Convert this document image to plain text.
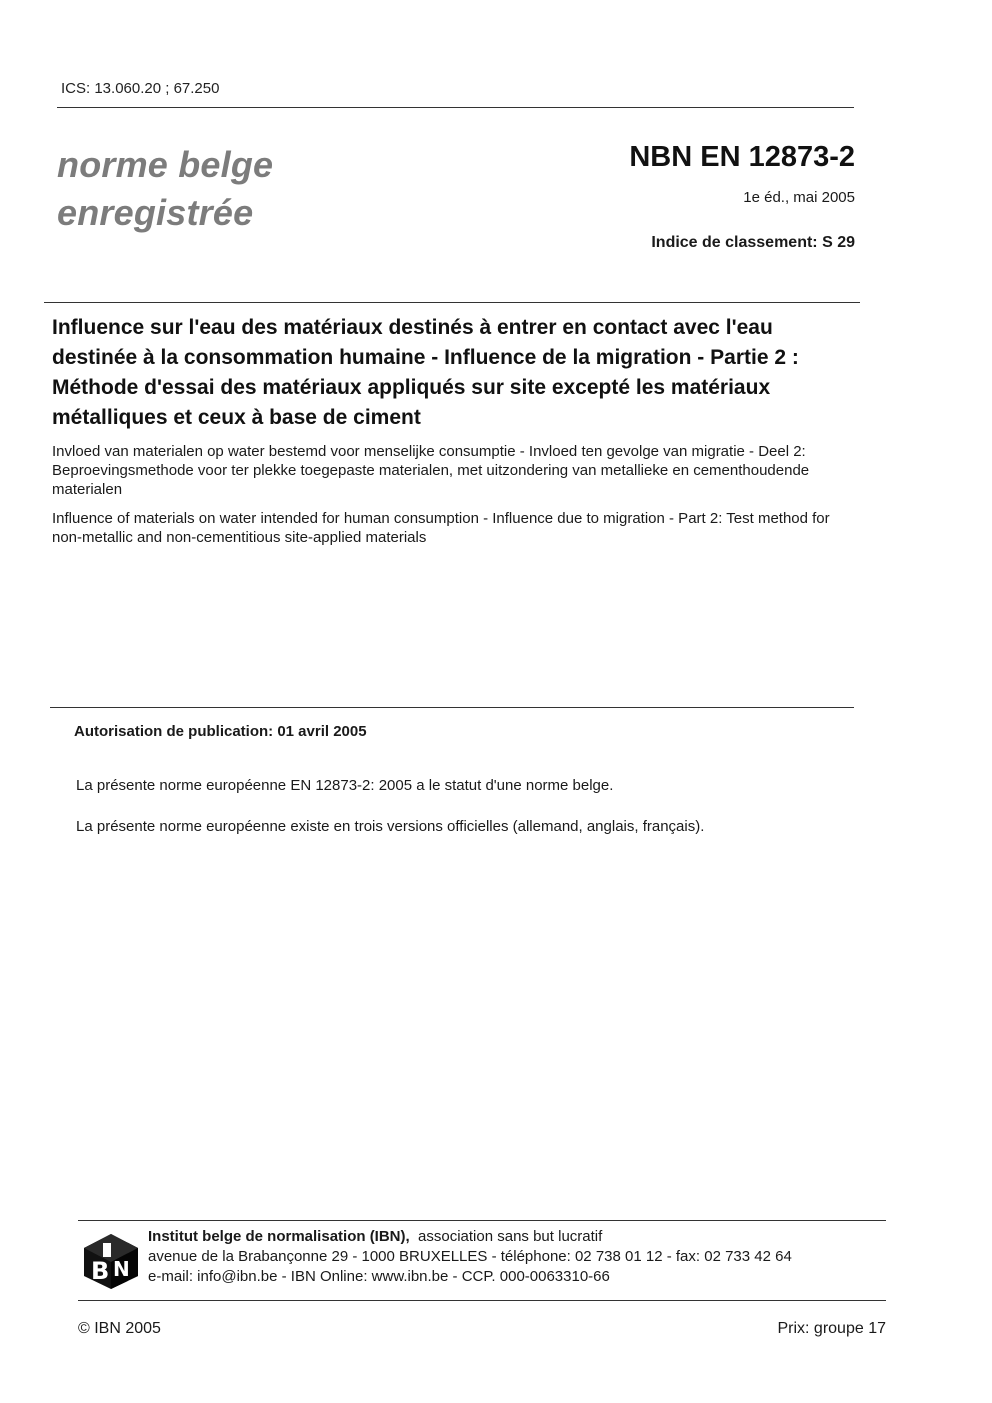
ICS: 13.060.20 ; 67.250
norme belge
enregistrée
NBN EN 12873-2
1e éd., mai 2005
Indice de classement: S 29
Influence sur l'eau des matériaux destinés à entrer en contact avec l'eau destinée à la consommation humaine - Influence de la migration - Partie 2 : Méthode d'essai des matériaux appliqués sur site excepté les matériaux métalliques et ceux à base de ciment
Invloed van materialen op water bestemd voor menselijke consumptie - Invloed ten gevolge van migratie - Deel 2: Beproevingsmethode voor ter plekke toegepaste materialen, met uitzondering van metallieke en cementhoudende materialen
Influence of materials on water intended for human consumption - Influence due to migration - Part 2: Test method for non-metallic and non-cementitious site-applied materials
Autorisation de publication: 01 avril 2005
La présente norme européenne EN 12873-2: 2005 a le statut d'une norme belge.
La présente norme européenne existe en trois versions officielles (allemand, anglais, français).
B N
Institut belge de normalisation (IBN), association sans but lucratif
avenue de la Brabançonne 29 - 1000 BRUXELLES - téléphone: 02 738 01 12 - fax: 02 733 42 64
e-mail: info@ibn.be - IBN Online: www.ibn.be - CCP. 000-0063310-66
© IBN 2005	Prix: groupe 17
